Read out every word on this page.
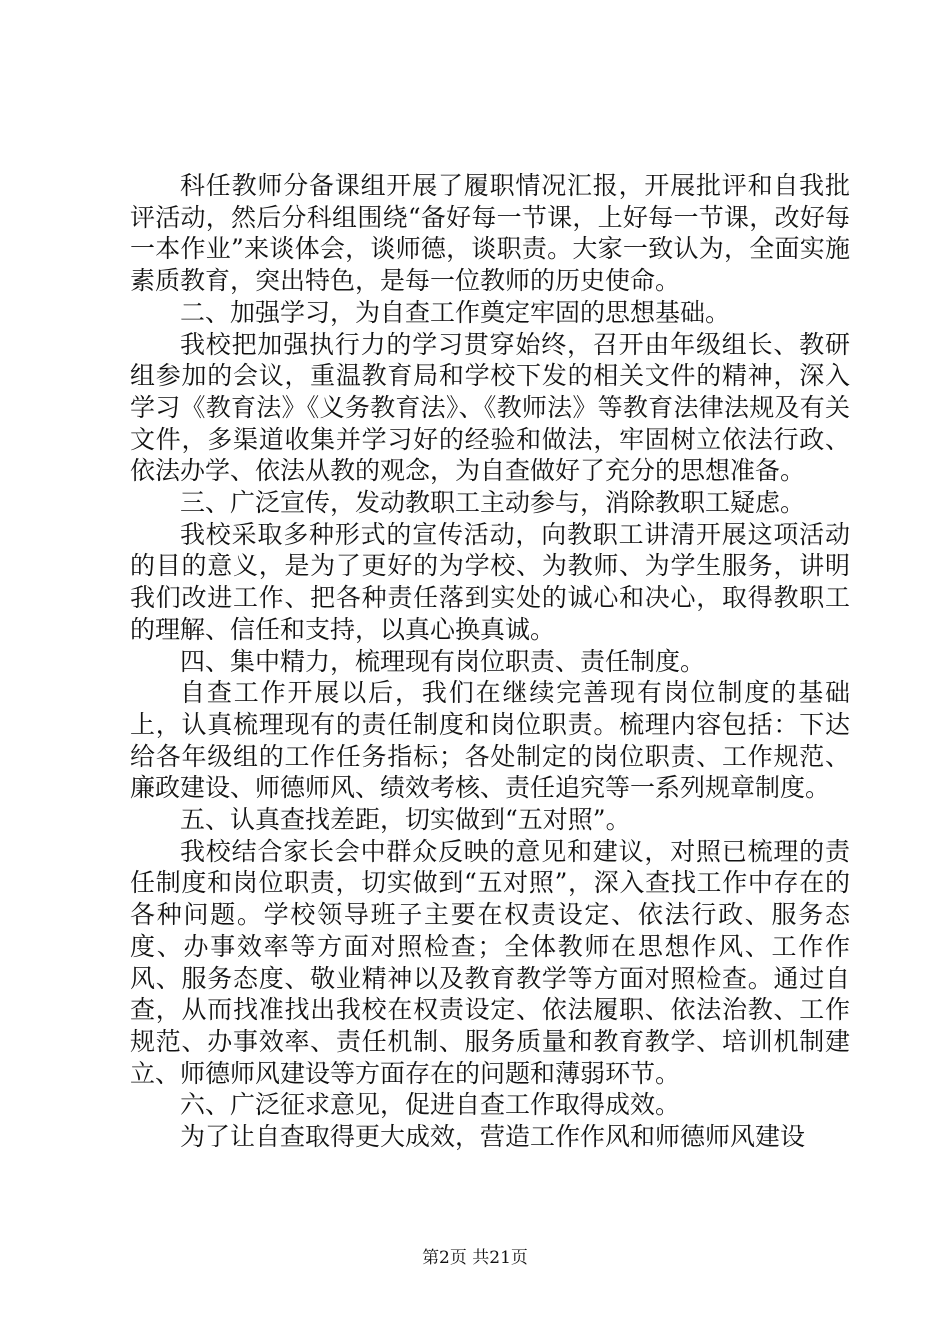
科任教师分备课组开展了履职情况汇报，开展批评和自我批评活动，然后分科组围绕“备好每一节课，上好每一节课，改好每一本作业”来谈体会，谈师德，谈职责。大家一致认为，全面实施素质教育，突出特色，是每一位教师的历史使命。

二、加强学习，为自查工作奠定牢固的思想基础。

我校把加强执行力的学习贯穿始终，召开由年级组长、教研组参加的会议，重温教育局和学校下发的相关文件的精神，深入学习《教育法》《义务教育法》、《教师法》等教育法律法规及有关文件，多渠道收集并学习好的经验和做法，牢固树立依法行政、依法办学、依法从教的观念，为自查做好了充分的思想准备。

三、广泛宣传，发动教职工主动参与，消除教职工疑虑。

我校采取多种形式的宣传活动，向教职工讲清开展这项活动的目的意义，是为了更好的为学校、为教师、为学生服务，讲明我们改进工作、把各种责任落到实处的诚心和决心，取得教职工的理解、信任和支持，以真心换真诚。

四、集中精力，梳理现有岗位职责、责任制度。

自查工作开展以后，我们在继续完善现有岗位制度的基础上，认真梳理现有的责任制度和岗位职责。梳理内容包括：下达给各年级组的工作任务指标；各处制定的岗位职责、工作规范、廉政建设、师德师风、绩效考核、责任追究等一系列规章制度。

五、认真查找差距，切实做到“五对照”。

我校结合家长会中群众反映的意见和建议，对照已梳理的责任制度和岗位职责，切实做到“五对照”，深入查找工作中存在的各种问题。学校领导班子主要在权责设定、依法行政、服务态度、办事效率等方面对照检查；全体教师在思想作风、工作作风、服务态度、敬业精神以及教育教学等方面对照检查。通过自查，从而找准找出我校在权责设定、依法履职、依法治教、工作规范、办事效率、责任机制、服务质量和教育教学、培训机制建立、师德师风建设等方面存在的问题和薄弱环节。

六、广泛征求意见，促进自查工作取得成效。

为了让自查取得更大成效，营造工作作风和师德师风建设

第2页 共21页
